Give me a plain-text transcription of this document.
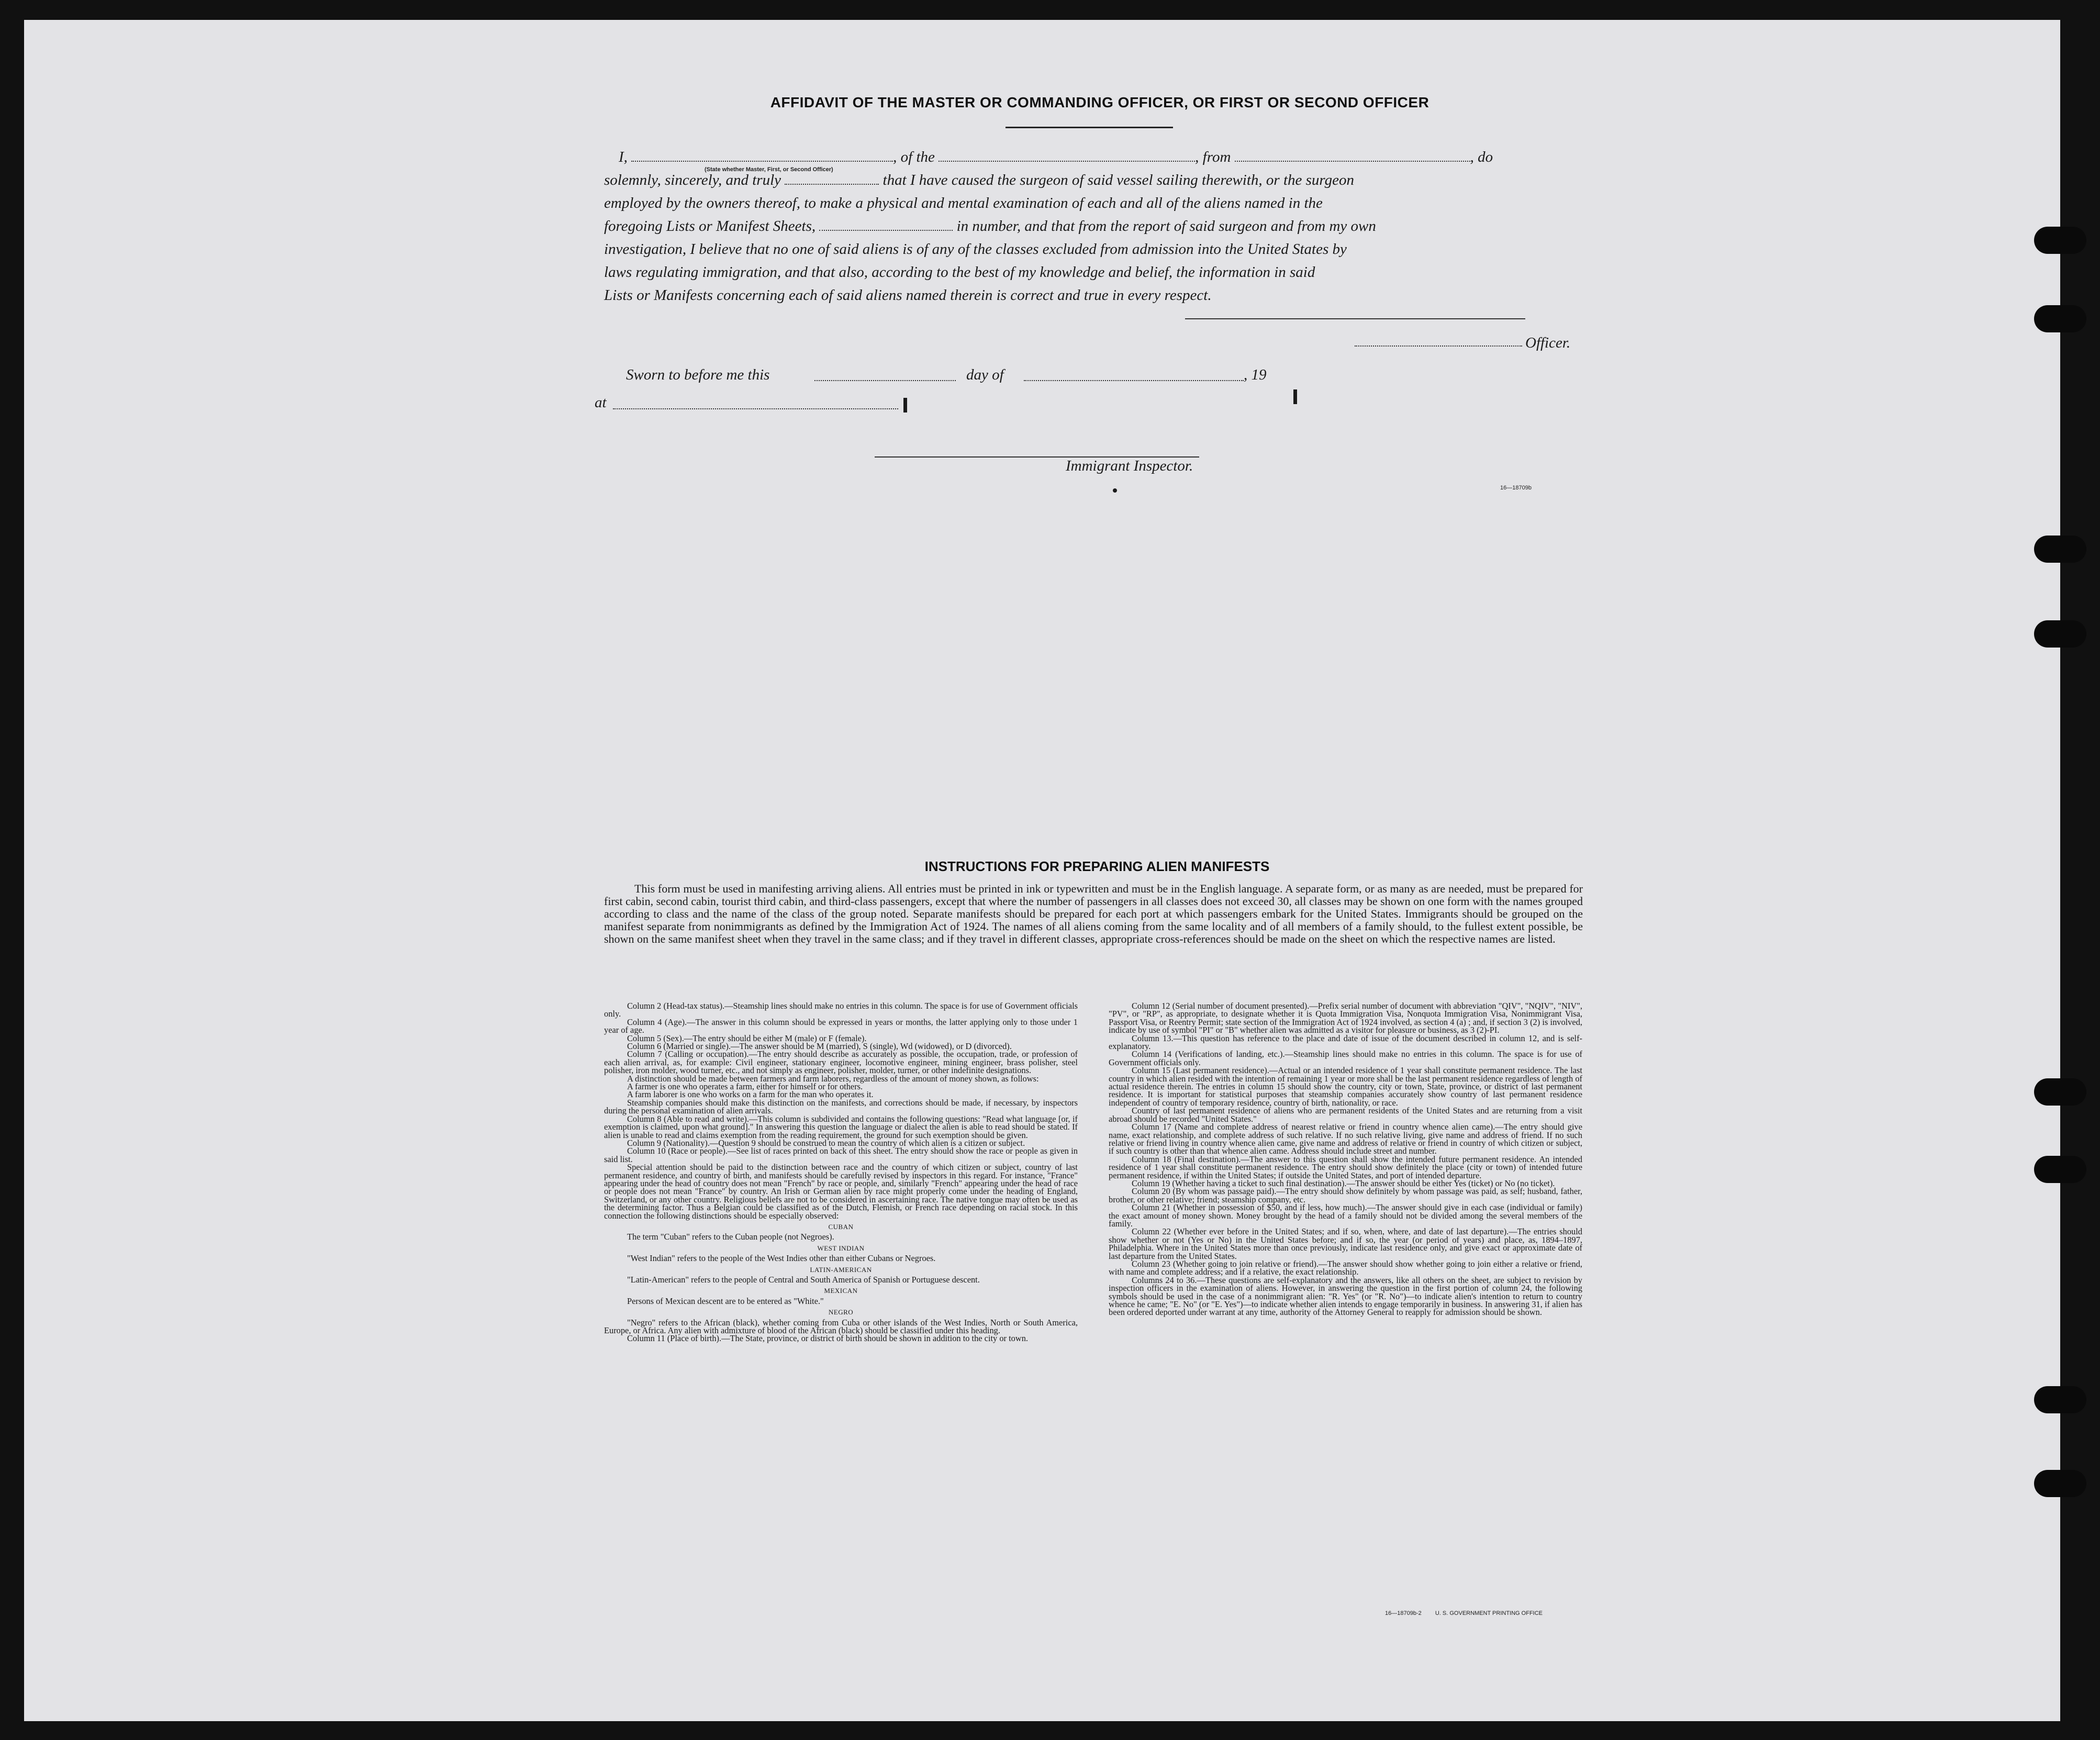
AFFIDAVIT OF THE MASTER OR COMMANDING OFFICER, OR FIRST OR SECOND OFFICER
(State whether Master, First, or Second Officer)
I,	, of the	, from	, do
solemnly, sincerely, and truly	that I have caused the surgeon of said vessel sailing therewith, or the surgeon
employed by the owners thereof, to make a physical and mental examination of each and all of the aliens named in the
foregoing Lists or Manifest Sheets,	in number, and that from the report of said surgeon and from my own
investigation, I believe that no one of said aliens is of any of the classes excluded from admission into the United States by
laws regulating immigration, and that also, according to the best of my knowledge and belief, the information in said
Lists or Manifests concerning each of said aliens named therein is correct and true in every respect.
Officer.
Sworn to before me this	day of	, 19
at
Immigrant Inspector.
16—18709b
INSTRUCTIONS FOR PREPARING ALIEN MANIFESTS

This form must be used in manifesting arriving aliens. All entries must be printed in ink or typewritten and must be in the English language. A separate form, or as many as are needed, must be prepared for first cabin, second cabin, tourist third cabin, and third-class passengers, except that where the number of passengers in all classes does not exceed 30, all classes may be shown on one form with the names grouped according to class and the name of the class of the group noted. Separate manifests should be prepared for each port at which passengers embark for the United States. Immigrants should be grouped on the manifest separate from nonimmigrants as defined by the Immigration Act of 1924. The names of all aliens coming from the same locality and of all members of a family should, to the fullest extent possible, be shown on the same manifest sheet when they travel in the same class; and if they travel in different classes, appropriate cross-references should be made on the sheet on which the respective names are listed.

Column 2 (Head-tax status).—Steamship lines should make no entries in this column. The space is for use of Government officials only.

Column 4 (Age).—The answer in this column should be expressed in years or months, the latter applying only to those under 1 year of age.

Column 5 (Sex).—The entry should be either M (male) or F (female).

Column 6 (Married or single).—The answer should be M (married), S (single), Wd (widowed), or D (divorced).

Column 7 (Calling or occupation).—The entry should describe as accurately as possible, the occupation, trade, or profession of each alien arrival, as, for example: Civil engineer, stationary engineer, locomotive engineer, mining engineer, brass polisher, steel polisher, iron molder, wood turner, etc., and not simply as engineer, polisher, molder, turner, or other indefinite designations.

A distinction should be made between farmers and farm laborers, regardless of the amount of money shown, as follows:

A farmer is one who operates a farm, either for himself or for others.

A farm laborer is one who works on a farm for the man who operates it.

Steamship companies should make this distinction on the manifests, and corrections should be made, if necessary, by inspectors during the personal examination of alien arrivals.

Column 8 (Able to read and write).—This column is subdivided and contains the following questions: "Read what language [or, if exemption is claimed, upon what ground]." In answering this question the language or dialect the alien is able to read should be stated. If alien is unable to read and claims exemption from the reading requirement, the ground for such exemption should be given.

Column 9 (Nationality).—Question 9 should be construed to mean the country of which alien is a citizen or subject.

Column 10 (Race or people).—See list of races printed on back of this sheet. The entry should show the race or people as given in said list.

Special attention should be paid to the distinction between race and the country of which citizen or subject, country of last permanent residence, and country of birth, and manifests should be carefully revised by inspectors in this regard. For instance, "France" appearing under the head of country does not mean "French" by race or people, and, similarly "French" appearing under the head of race or people does not mean "France" by country. An Irish or German alien by race might properly come under the heading of England, Switzerland, or any other country. Religious beliefs are not to be considered in ascertaining race. The native tongue may often be used as the determining factor. Thus a Belgian could be classified as of the Dutch, Flemish, or French race depending on racial stock. In this connection the following distinctions should be especially observed:

CUBAN

The term "Cuban" refers to the Cuban people (not Negroes).

WEST INDIAN

"West Indian" refers to the people of the West Indies other than either Cubans or Negroes.

LATIN-AMERICAN

"Latin-American" refers to the people of Central and South America of Spanish or Portuguese descent.

MEXICAN

Persons of Mexican descent are to be entered as "White."

NEGRO

"Negro" refers to the African (black), whether coming from Cuba or other islands of the West Indies, North or South America, Europe, or Africa. Any alien with admixture of blood of the African (black) should be classified under this heading.

Column 11 (Place of birth).—The State, province, or district of birth should be shown in addition to the city or town.

Column 12 (Serial number of document presented).—Prefix serial number of document with abbreviation "QIV", "NQIV", "NIV", "PV", or "RP", as appropriate, to designate whether it is Quota Immigration Visa, Nonquota Immigration Visa, Nonimmigrant Visa, Passport Visa, or Reentry Permit; state section of the Immigration Act of 1924 involved, as section 4 (a) ; and, if section 3 (2) is involved, indicate by use of symbol "PI" or "B" whether alien was admitted as a visitor for pleasure or business, as 3 (2)-PI.

Column 13.—This question has reference to the place and date of issue of the document described in column 12, and is self-explanatory.

Column 14 (Verifications of landing, etc.).—Steamship lines should make no entries in this column. The space is for use of Government officials only.

Column 15 (Last permanent residence).—Actual or an intended residence of 1 year shall constitute permanent residence. The last country in which alien resided with the intention of remaining 1 year or more shall be the last permanent residence regardless of length of actual residence therein. The entries in column 15 should show the country, city or town, State, province, or district of last permanent residence. It is important for statistical purposes that steamship companies accurately show country of last permanent residence independent of country of temporary residence, country of birth, nationality, or race.

Country of last permanent residence of aliens who are permanent residents of the United States and are returning from a visit abroad should be recorded "United States."

Column 17 (Name and complete address of nearest relative or friend in country whence alien came).—The entry should give name, exact relationship, and complete address of such relative. If no such relative living, give name and address of friend. If no such relative or friend living in country whence alien came, give name and address of relative or friend in country of which citizen or subject, if such country is other than that whence alien came. Address should include street and number.

Column 18 (Final destination).—The answer to this question shall show the intended future permanent residence. An intended residence of 1 year shall constitute permanent residence. The entry should show definitely the place (city or town) of intended future permanent residence, if within the United States; if outside the United States, and port of intended departure.

Column 19 (Whether having a ticket to such final destination).—The answer should be either Yes (ticket) or No (no ticket).

Column 20 (By whom was passage paid).—The entry should show definitely by whom passage was paid, as self; husband, father, brother, or other relative; friend; steamship company, etc.

Column 21 (Whether in possession of $50, and if less, how much).—The answer should give in each case (individual or family) the exact amount of money shown. Money brought by the head of a family should not be divided among the several members of the family.

Column 22 (Whether ever before in the United States; and if so, when, where, and date of last departure).—The entries should show whether or not (Yes or No) in the United States before; and if so, the year (or period of years) and place, as, 1894–1897, Philadelphia. Where in the United States more than once previously, indicate last residence only, and give exact or approximate date of last departure from the United States.

Column 23 (Whether going to join relative or friend).—The answer should show whether going to join either a relative or friend, with name and complete address; and if a relative, the exact relationship.

Columns 24 to 36.—These questions are self-explanatory and the answers, like all others on the sheet, are subject to revision by inspection officers in the examination of aliens. However, in answering the question in the first portion of column 24, the following symbols should be used in the case of a nonimmigrant alien: "R. Yes" (or "R. No")—to indicate alien's intention to return to country whence he came; "E. No" (or "E. Yes")—to indicate whether alien intends to engage temporarily in business. In answering 31, if alien has been ordered deported under warrant at any time, authority of the Attorney General to reapply for admission should be shown.

16—18709b-2 U. S. GOVERNMENT PRINTING OFFICE
